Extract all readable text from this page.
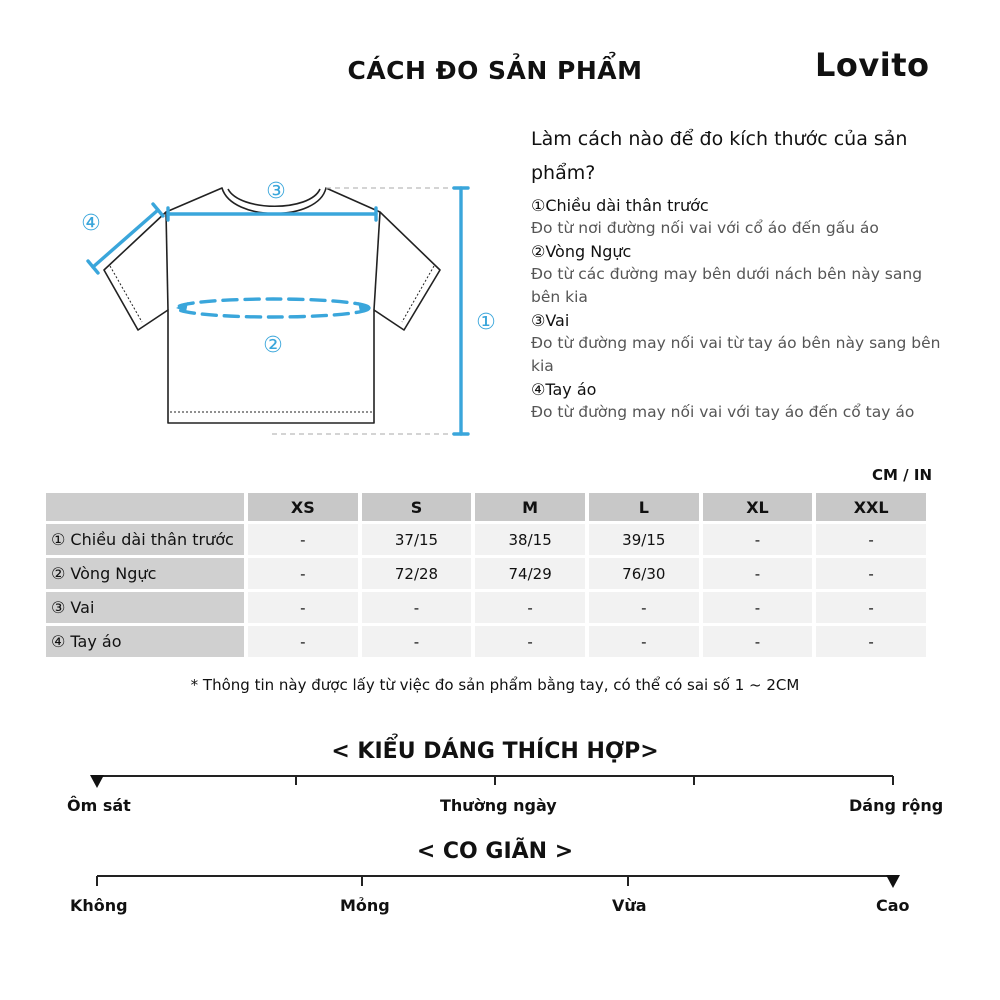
CÁCH ĐO SẢN PHẨM	Lovito
①
②
③
④
Làm cách nào để đo kích thước của sản phẩm?
①Chiều dài thân trước
Đo từ nơi đường nối vai với cổ áo đến gấu áo
②Vòng Ngực
Đo từ các đường may bên dưới nách bên này sang bên kia
③Vai
Đo từ đường may nối vai từ tay áo bên này sang bên kia
④Tay áo
Đo từ đường may nối vai với tay áo đến cổ tay áo
CM / IN
	XS	S	M	L	XL	XXL
① Chiều dài thân trước	-	37/15	38/15	39/15	-	-
② Vòng Ngực	-	72/28	74/29	76/30	-	-
③ Vai	-	-	-	-	-	-
④ Tay áo	-	-	-	-	-	-
* Thông tin này được lấy từ việc đo sản phẩm bằng tay, có thể có sai số 1 ~ 2CM
< KIỂU DÁNG THÍCH HỢP>
Ôm sát	Thường ngày	Dáng rộng
< CO GIÃN >
Không	Mỏng	Vừa	Cao
